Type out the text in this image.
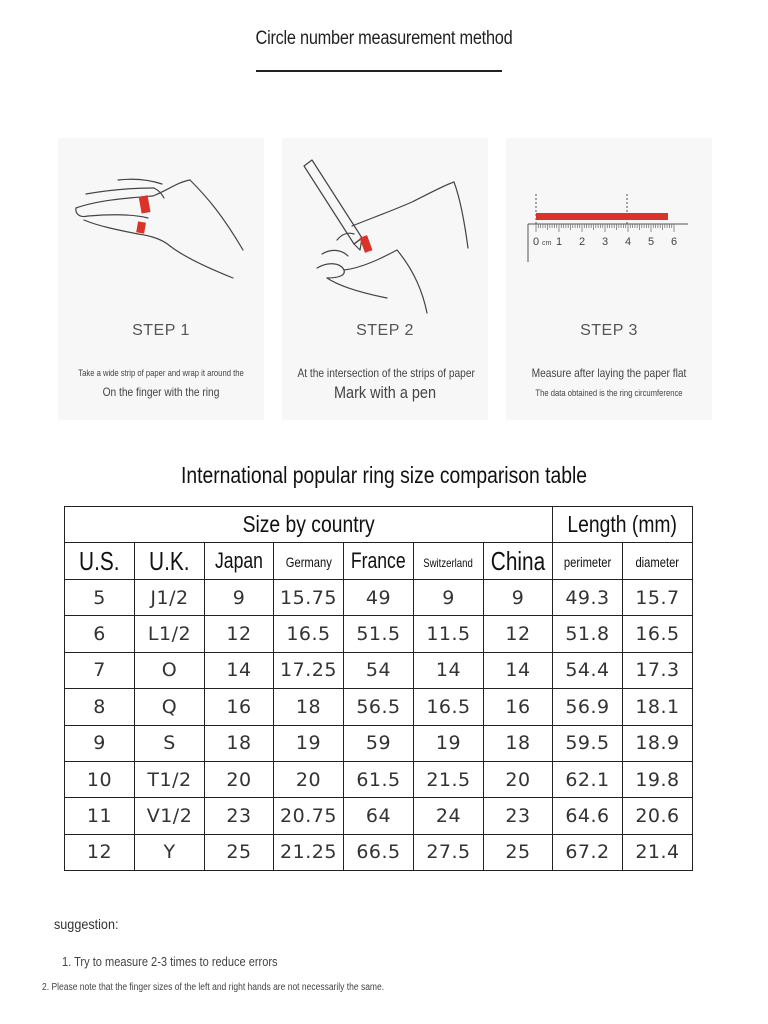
Circle number measurement method
STEP 1
Take a wide strip of paper and wrap it around the
On the finger with the ring
STEP 2
At the intersection of the strips of paper
Mark with a pen
0 1 2 3 4 5 6
cm
STEP 3
Measure after laying the paper flat
The data obtained is the ring circumference
International popular ring size comparison table
Size by country							Length (mm)	
U.S.	U.K.	Japan	Germany	France	Switzerland	China	perimeter	diameter
5	J1/2	9	15.75	49	9	9	49.3	15.7
6	L1/2	12	16.5	51.5	11.5	12	51.8	16.5
7	O	14	17.25	54	14	14	54.4	17.3
8	Q	16	18	56.5	16.5	16	56.9	18.1
9	S	18	19	59	19	18	59.5	18.9
10	T1/2	20	20	61.5	21.5	20	62.1	19.8
11	V1/2	23	20.75	64	24	23	64.6	20.6
12	Y	25	21.25	66.5	27.5	25	67.2	21.4
suggestion:
1. Try to measure 2-3 times to reduce errors
2. Please note that the finger sizes of the left and right hands are not necessarily the same.
